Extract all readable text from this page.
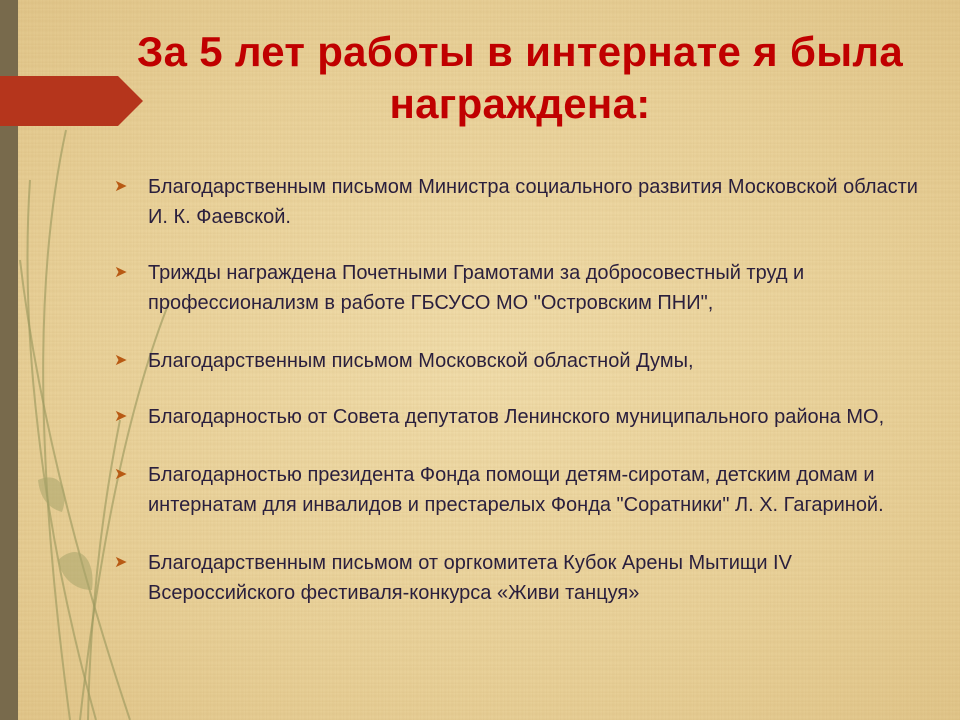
За 5 лет работы в интернате я была награждена:
➤ Благодарственным письмом Министра социального развития Московской области И. К. Фаевской.
➤ Трижды награждена Почетными Грамотами за добросовестный труд и профессионализм в работе ГБСУСО МО "Островским ПНИ",
➤ Благодарственным письмом Московской областной Думы,
➤ Благодарностью от Совета депутатов Ленинского муниципального района МО,
➤ Благодарностью президента Фонда помощи детям-сиротам, детским домам и интернатам для инвалидов и престарелых Фонда "Соратники" Л. Х. Гагариной.
➤ Благодарственным письмом от оргкомитета Кубок Арены Мытищи IV Всероссийского фестиваля-конкурса «Живи танцуя»
